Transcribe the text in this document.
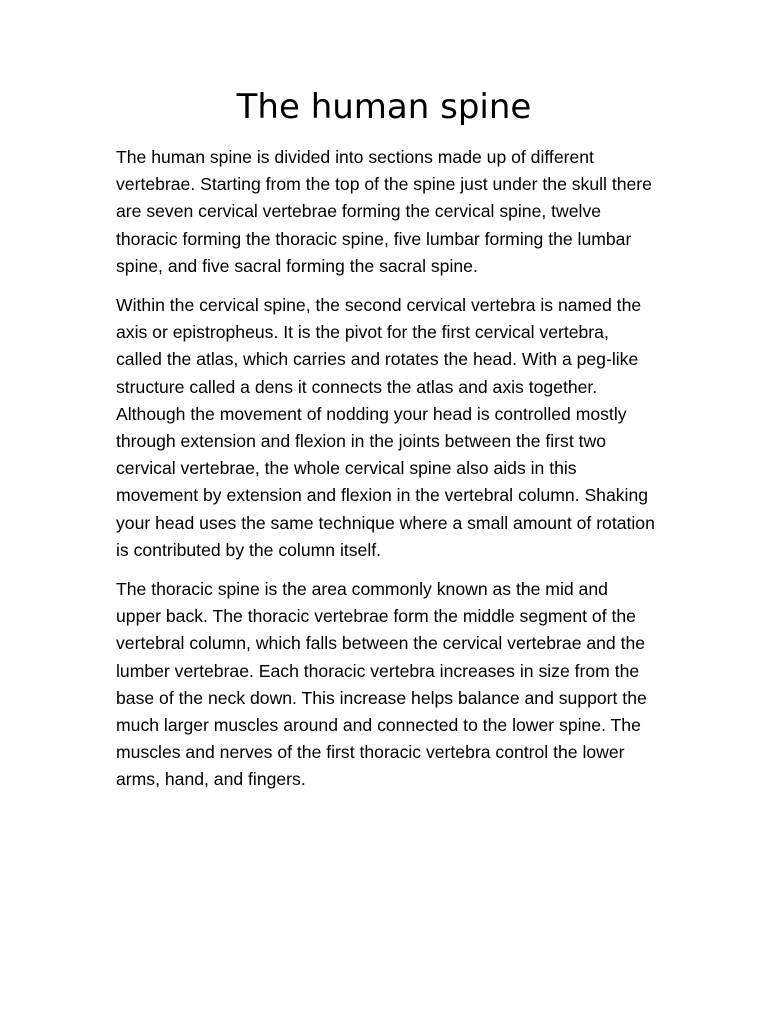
The human spine

The human spine is divided into sections made up of different vertebrae. Starting from the top of the spine just under the skull there are seven cervical vertebrae forming the cervical spine, twelve thoracic forming the thoracic spine, five lumbar forming the lumbar spine, and five sacral forming the sacral spine.

Within the cervical spine, the second cervical vertebra is named the axis or epistropheus. It is the pivot for the first cervical vertebra, called the atlas, which carries and rotates the head. With a peg-like structure called a dens it connects the atlas and axis together. Although the movement of nodding your head is controlled mostly through extension and flexion in the joints between the first two cervical vertebrae, the whole cervical spine also aids in this movement by extension and flexion in the vertebral column. Shaking your head uses the same technique where a small amount of rotation is contributed by the column itself.

The thoracic spine is the area commonly known as the mid and upper back. The thoracic vertebrae form the middle segment of the vertebral column, which falls between the cervical vertebrae and the lumber vertebrae. Each thoracic vertebra increases in size from the base of the neck down. This increase helps balance and support the much larger muscles around and connected to the lower spine. The muscles and nerves of the first thoracic vertebra control the lower arms, hand, and fingers.
